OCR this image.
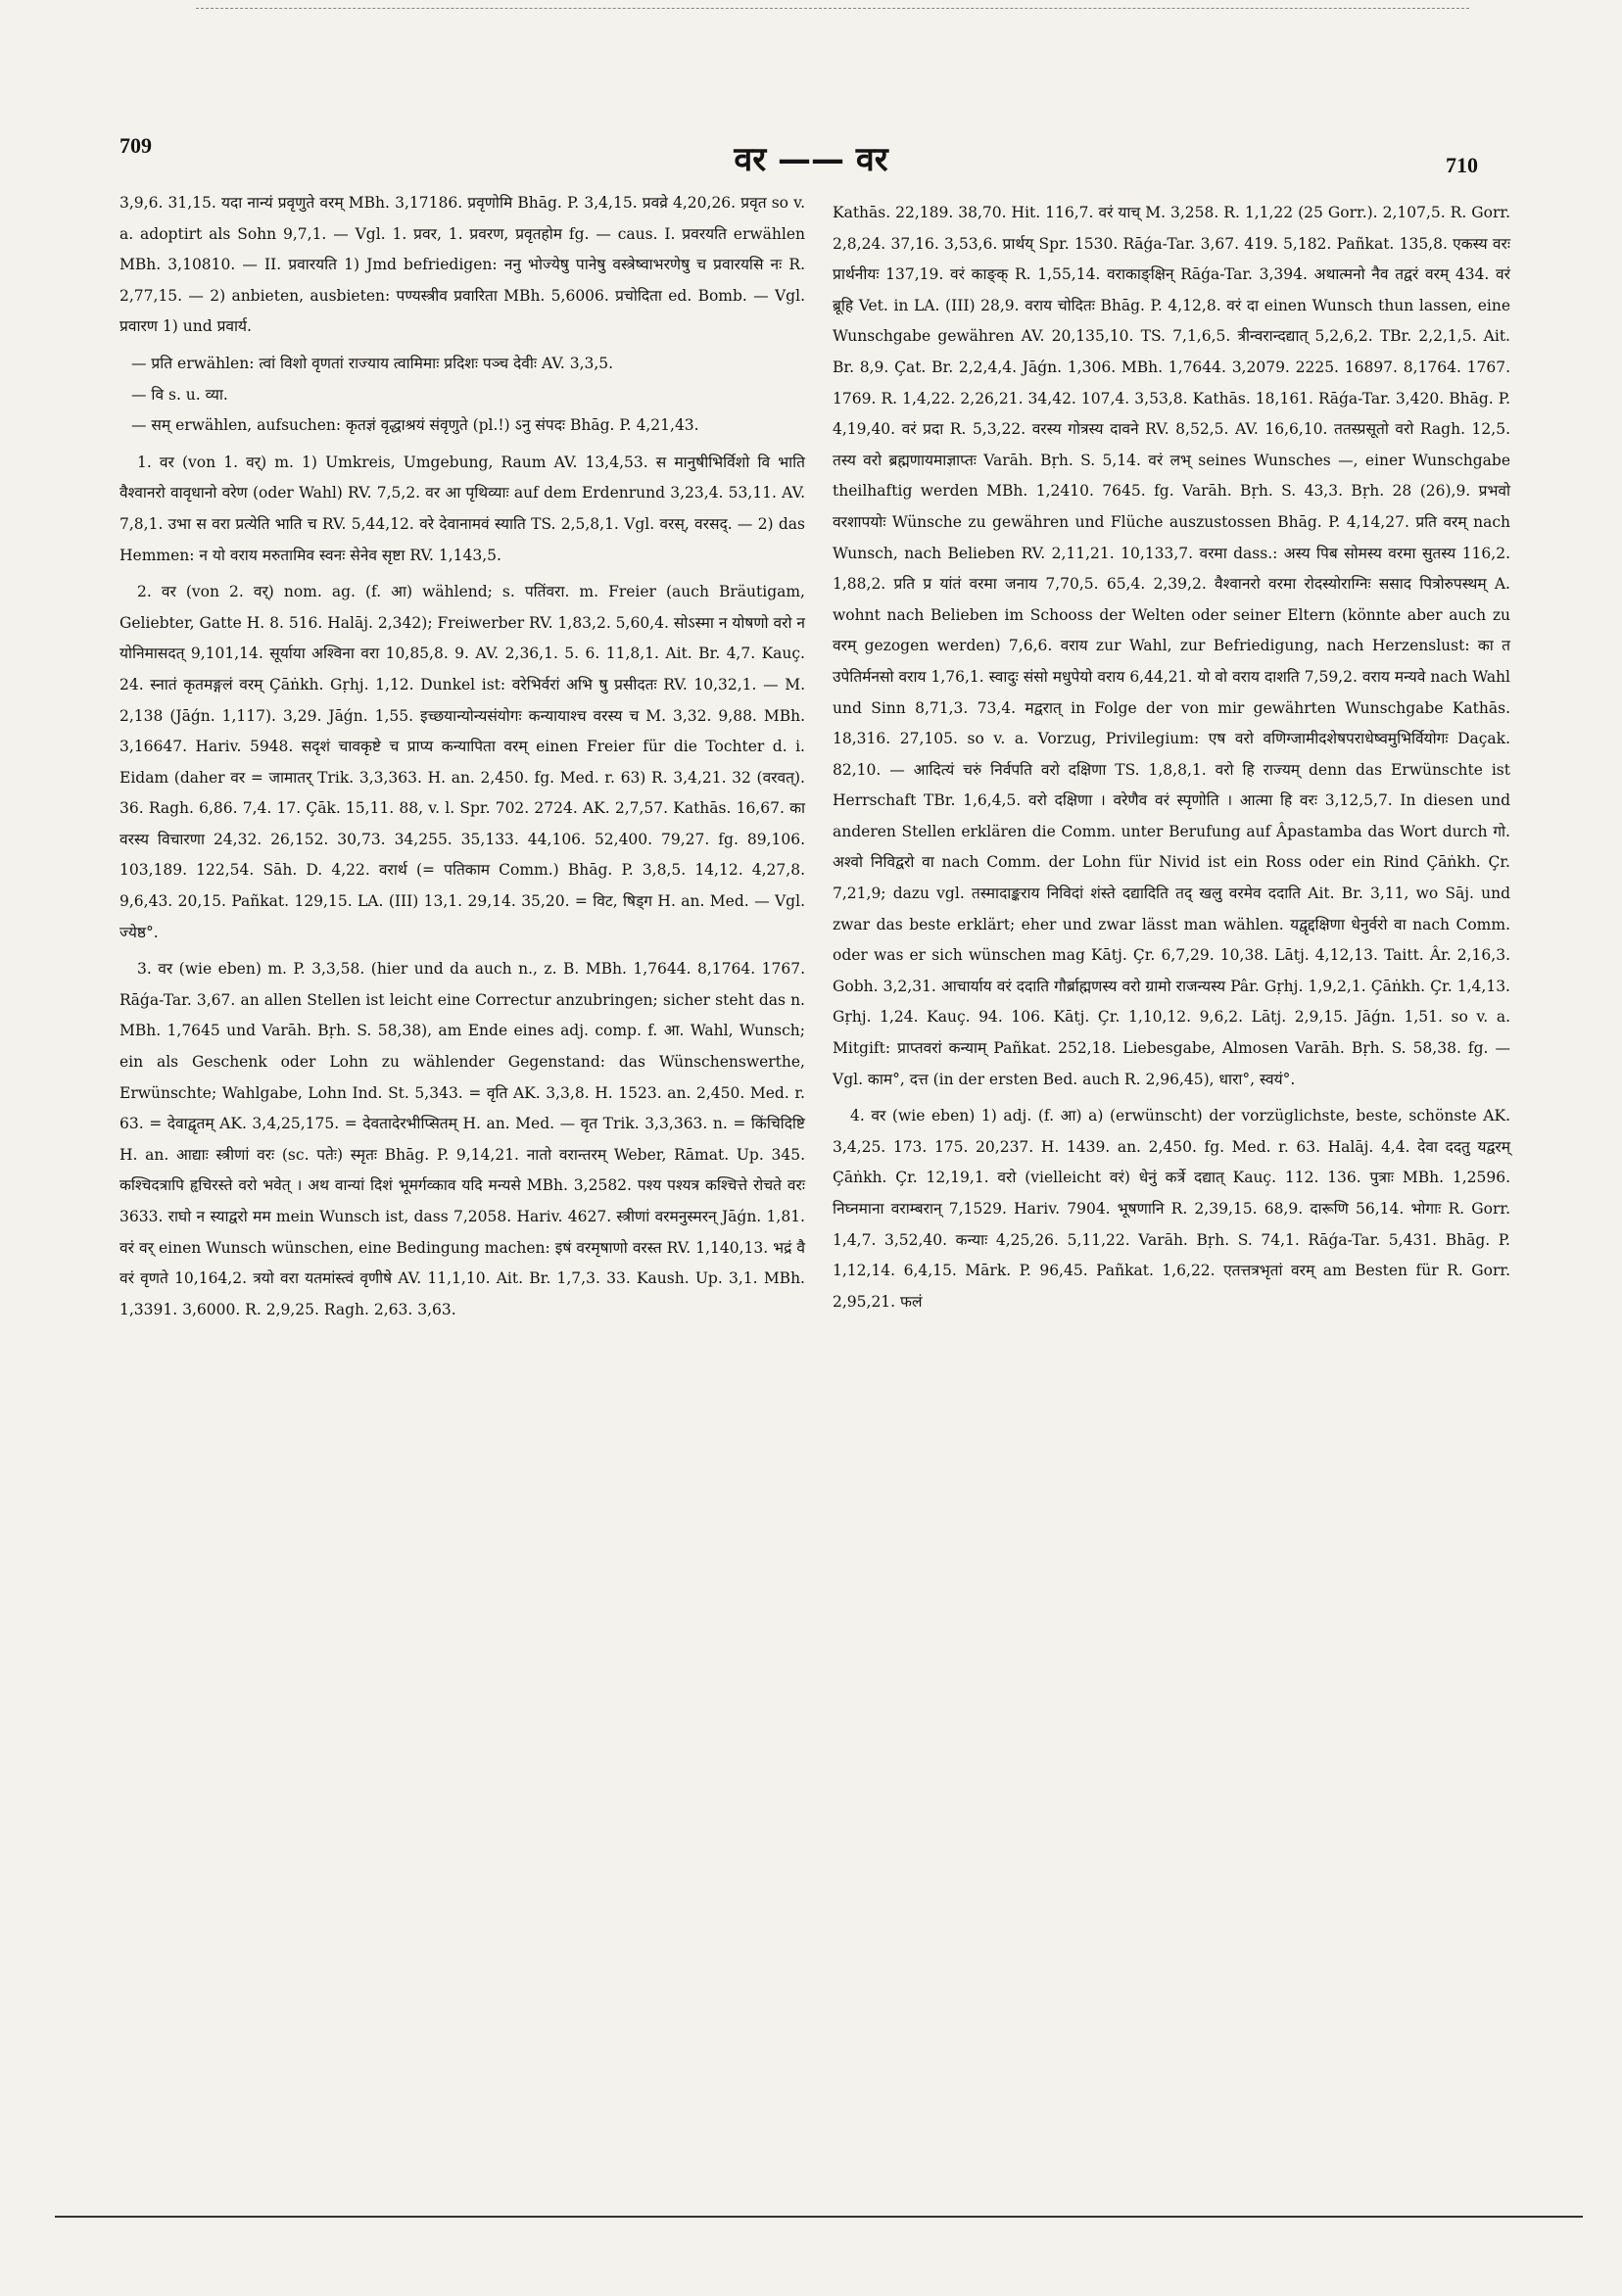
709	वर —— वर	710

3,9,6. 31,15. यदा नान्यं प्रवृणुते वरम् MBh. 3,17186. प्रवृणोमि Bhāg. P. 3,4,15. प्रवव्रे 4,20,26. प्रवृत so v. a. adoptirt als Sohn 9,7,1. — Vgl. 1. प्रवर, 1. प्रवरण, प्रवृतहोम fg. — caus. I. प्रवरयति erwählen MBh. 3,10810. — II. प्रवारयति 1) Jmd befriedigen: ननु भोज्येषु पानेषु वस्त्रेष्वाभरणेषु च प्रवारयसि नः R. 2,77,15. — 2) anbieten, ausbieten: पण्यस्त्रीव प्रवारिता MBh. 5,6006. प्रचोदिता ed. Bomb. — Vgl. प्रवारण 1) und प्रवार्य.

— प्रति erwählen: त्वां विशो वृणतां राज्याय त्वामिमाः प्रदिशः पञ्च देवीः AV. 3,3,5.

— वि s. u. व्या.

— सम् erwählen, aufsuchen: कृतज्ञं वृद्धाश्रयं संवृणुते (pl.!) ऽनु संपदः Bhāg. P. 4,21,43.

1. वर (von 1. वर्) m. 1) Umkreis, Umgebung, Raum AV. 13,4,53. स मानुषीभिर्विशो वि भाति वैश्वानरो वावृधानो वरेण (oder Wahl) RV. 7,5,2. वर आ पृथिव्याः auf dem Erdenrund 3,23,4. 53,11. AV. 7,8,1. उभा स वरा प्रत्येति भाति च RV. 5,44,12. वरे देवानामवं स्याति TS. 2,5,8,1. Vgl. वरस्, वरसद्. — 2) das Hemmen: न यो वराय मरुतामिव स्वनः सेनेव सृष्टा RV. 1,143,5.

2. वर (von 2. वर्) nom. ag. (f. आ) wählend; s. पतिंवरा. m. Freier (auch Bräutigam, Geliebter, Gatte H. 8. 516. Halāj. 2,342); Freiwerber RV. 1,83,2. 5,60,4. सोऽस्मा न योषणो वरो न योनिमासदत् 9,101,14. सूर्याया अश्विना वरा 10,85,8. 9. AV. 2,36,1. 5. 6. 11,8,1. Ait. Br. 4,7. Kauç. 24. स्नातं कृतमङ्गलं वरम् Çāṅkh. Gṛhj. 1,12. Dunkel ist: वरेभिर्वरां अभि षु प्रसीदतः RV. 10,32,1. — M. 2,138 (Jāǵn. 1,117). 3,29. Jāǵn. 1,55. इच्छयान्योन्यसंयोगः कन्यायाश्च वरस्य च M. 3,32. 9,88. MBh. 3,16647. Hariv. 5948. सदृशं चावकृष्टे च प्राप्य कन्यापिता वरम् einen Freier für die Tochter d. i. Eidam (daher वर = जामातर् Trik. 3,3,363. H. an. 2,450. fg. Med. r. 63) R. 3,4,21. 32 (वरवत्). 36. Ragh. 6,86. 7,4. 17. Çāk. 15,11. 88, v. l. Spr. 702. 2724. AK. 2,7,57. Kathās. 16,67. का वरस्य विचारणा 24,32. 26,152. 30,73. 34,255. 35,133. 44,106. 52,400. 79,27. fg. 89,106. 103,189. 122,54. Sāh. D. 4,22. वरार्थ (= पतिकाम Comm.) Bhāg. P. 3,8,5. 14,12. 4,27,8. 9,6,43. 20,15. Pañkat. 129,15. LA. (III) 13,1. 29,14. 35,20. = विट, षिड्ग H. an. Med. — Vgl. ज्येष्ठ°.

3. वर (wie eben) m. P. 3,3,58. (hier und da auch n., z. B. MBh. 1,7644. 8,1764. 1767. Rāǵa-Tar. 3,67. an allen Stellen ist leicht eine Correctur anzubringen; sicher steht das n. MBh. 1,7645 und Varāh. Bṛh. S. 58,38), am Ende eines adj. comp. f. आ. Wahl, Wunsch; ein als Geschenk oder Lohn zu wählender Gegenstand: das Wünschenswerthe, Erwünschte; Wahlgabe, Lohn Ind. St. 5,343. = वृति AK. 3,3,8. H. 1523. an. 2,450. Med. r. 63. = देवाद्वृतम् AK. 3,4,25,175. = देवतादेरभीप्सितम् H. an. Med. — वृत Trik. 3,3,363. n. = किंचिदिष्टि H. an. आद्याः स्त्रीणां वरः (sc. पतेः) स्मृतः Bhāg. P. 9,14,21. नातो वरान्तरम् Weber, Rāmat. Up. 345. कश्चिदत्रापि हृचिरस्ते वरो भवेत् । अथ वान्यां दिशं भूमर्गव्काव यदि मन्यसे MBh. 3,2582. पश्य पश्यत्र कश्चित्ते रोचते वरः 3633. राघो न स्याद्वरो मम mein Wunsch ist, dass 7,2058. Hariv. 4627. स्त्रीणां वरमनुस्मरन् Jāǵn. 1,81. वरं वर् einen Wunsch wünschen, eine Bedingung machen: इषं वरमृषाणो वरस्त RV. 1,140,13. भद्रं वै वरं वृणते 10,164,2. त्रयो वरा यतमांस्त्वं वृणीषे AV. 11,1,10. Ait. Br. 1,7,3. 33. Kaush. Up. 3,1. MBh. 1,3391. 3,6000. R. 2,9,25. Ragh. 2,63. 3,63.

Kathās. 22,189. 38,70. Hit. 116,7. वरं याच् M. 3,258. R. 1,1,22 (25 Gorr.). 2,107,5. R. Gorr. 2,8,24. 37,16. 3,53,6. प्रार्थय् Spr. 1530. Rāǵa-Tar. 3,67. 419. 5,182. Pañkat. 135,8. एकस्य वरः प्रार्थनीयः 137,19. वरं काङ्क् R. 1,55,14. वराकाङ्क्षिन् Rāǵa-Tar. 3,394. अथात्मनो नैव तद्वरं वरम् 434. वरं ब्रूहि Vet. in LA. (III) 28,9. वराय चोदितः Bhāg. P. 4,12,8. वरं दा einen Wunsch thun lassen, eine Wunschgabe gewähren AV. 20,135,10. TS. 7,1,6,5. त्रीन्वरान्दद्यात् 5,2,6,2. TBr. 2,2,1,5. Ait. Br. 8,9. Çat. Br. 2,2,4,4. Jāǵn. 1,306. MBh. 1,7644. 3,2079. 2225. 16897. 8,1764. 1767. 1769. R. 1,4,22. 2,26,21. 34,42. 107,4. 3,53,8. Kathās. 18,161. Rāǵa-Tar. 3,420. Bhāg. P. 4,19,40. वरं प्रदा R. 5,3,22. वरस्य गोत्रस्य दावने RV. 8,52,5. AV. 16,6,10. ततस्प्रसूतो वरो Ragh. 12,5. तस्य वरो ब्रह्मणायमाज्ञाप्तः Varāh. Bṛh. S. 5,14. वरं लभ् seines Wunsches —, einer Wunschgabe theilhaftig werden MBh. 1,2410. 7645. fg. Varāh. Bṛh. S. 43,3. Bṛh. 28 (26),9. प्रभवो वरशापयोः Wünsche zu gewähren und Flüche auszustossen Bhāg. P. 4,14,27. प्रति वरम् nach Wunsch, nach Belieben RV. 2,11,21. 10,133,7. वरमा dass.: अस्य पिब सोमस्य वरमा सुतस्य 116,2. 1,88,2. प्रति प्र यांतं वरमा जनाय 7,70,5. 65,4. 2,39,2. वैश्वानरो वरमा रोदस्योराग्निः ससाद पित्रोरुपस्थम् A. wohnt nach Belieben im Schooss der Welten oder seiner Eltern (könnte aber auch zu वरम् gezogen werden) 7,6,6. वराय zur Wahl, zur Befriedigung, nach Herzenslust: का त उपेतिर्मनसो वराय 1,76,1. स्वादुः संसो मधुपेयो वराय 6,44,21. यो वो वराय दाशति 7,59,2. वराय मन्यवे nach Wahl und Sinn 8,71,3. 73,4. मद्वरात् in Folge der von mir gewährten Wunschgabe Kathās. 18,316. 27,105. so v. a. Vorzug, Privilegium: एष वरो वणिग्जामीदशेषपराधेष्वमुभिर्वियोगः Daçak. 82,10. — आदित्यं चरुं निर्वपति वरो दक्षिणा TS. 1,8,8,1. वरो हि राज्यम् denn das Erwünschte ist Herrschaft TBr. 1,6,4,5. वरो दक्षिणा । वरेणैव वरं स्पृणोति । आत्मा हि वरः 3,12,5,7. In diesen und anderen Stellen erklären die Comm. unter Berufung auf Âpastamba das Wort durch गो. अश्वो निविद्वरो वा nach Comm. der Lohn für Nivid ist ein Ross oder ein Rind Çāṅkh. Çr. 7,21,9; dazu vgl. तस्मादाङ्कराय निविदां शंस्ते दद्यादिति तद् खलु वरमेव ददाति Ait. Br. 3,11, wo Sāj. und zwar das beste erklärt; eher und zwar lässt man wählen. यद्वृद्दक्षिणा धेनुर्वरो वा nach Comm. oder was er sich wünschen mag Kātj. Çr. 6,7,29. 10,38. Lātj. 4,12,13. Taitt. Âr. 2,16,3. Gobh. 3,2,31. आचार्याय वरं ददाति गौर्ब्राह्मणस्य वरो ग्रामो राजन्यस्य Pâr. Gṛhj. 1,9,2,1. Çāṅkh. Çr. 1,4,13. Gṛhj. 1,24. Kauç. 94. 106. Kātj. Çr. 1,10,12. 9,6,2. Lātj. 2,9,15. Jāǵn. 1,51. so v. a. Mitgift: प्राप्तवरां कन्याम् Pañkat. 252,18. Liebesgabe, Almosen Varāh. Bṛh. S. 58,38. fg. — Vgl. काम°, दत्त (in der ersten Bed. auch R. 2,96,45), धारा°, स्वयं°.

4. वर (wie eben) 1) adj. (f. आ) a) (erwünscht) der vorzüglichste, beste, schönste AK. 3,4,25. 173. 175. 20,237. H. 1439. an. 2,450. fg. Med. r. 63. Halāj. 4,4. देवा ददतु यद्वरम् Çāṅkh. Çr. 12,19,1. वरो (vielleicht वरं) धेनुं कर्त्रे दद्यात् Kauç. 112. 136. पुत्राः MBh. 1,2596. निघ्नमाना वराम्बरान् 7,1529. Hariv. 7904. भूषणानि R. 2,39,15. 68,9. दारूणि 56,14. भोगाः R. Gorr. 1,4,7. 3,52,40. कन्याः 4,25,26. 5,11,22. Varāh. Bṛh. S. 74,1. Rāǵa-Tar. 5,431. Bhāg. P. 1,12,14. 6,4,15. Mārk. P. 96,45. Pañkat. 1,6,22. एतत्तत्रभृतां वरम् am Besten für R. Gorr. 2,95,21. फलं
